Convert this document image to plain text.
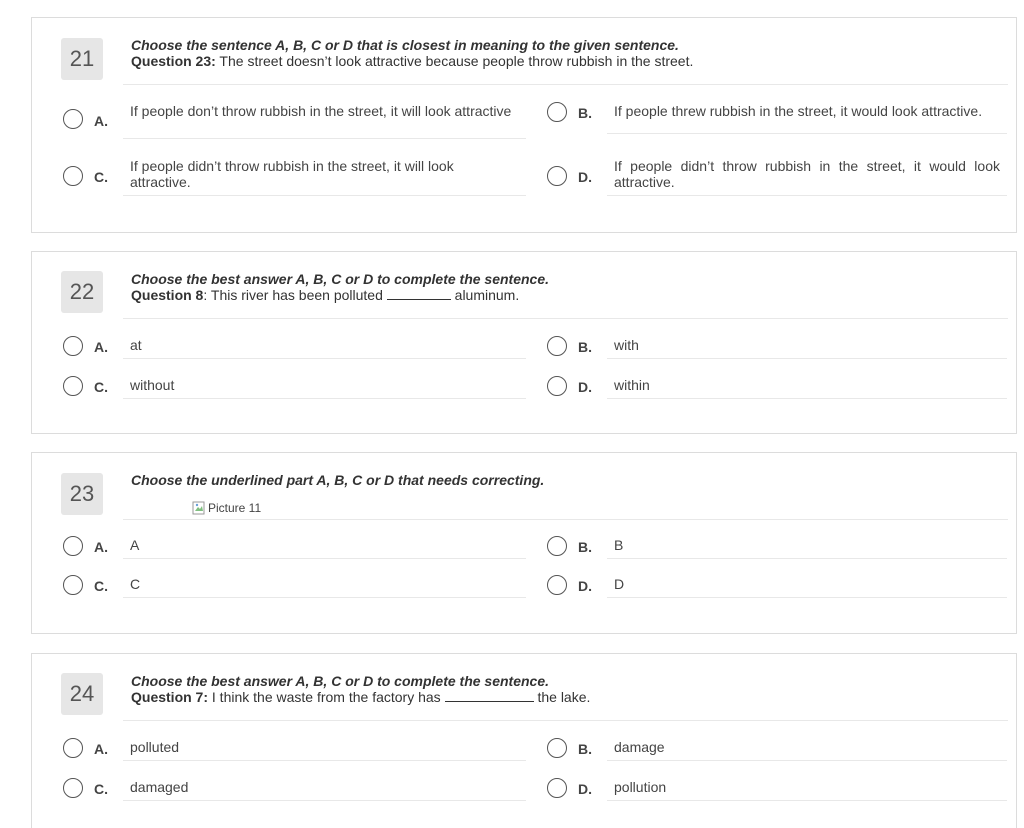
21
Choose the sentence A, B, C or D that is closest in meaning to the given sentence.
Question 23: The street doesn’t look attractive because people throw rubbish in the street.
A.
If people don’t throw rubbish in the street, it will look attractive	B. If people threw rubbish in the street, it would look attractive.
C.
If people didn’t throw rubbish in the street, it will look attractive.	D.
If people didn’t throw rubbish in the street, it would look attractive.
22	Choose the best answer A, B, C or D to complete the sentence.
Question 8: This river has been polluted	aluminum.
A. at	B. with
C. without	D. within
23
Choose the underlined part A, B, C or D that needs correcting.
Picture 11
A. A	B. B
C. C	D. D
24	Choose the best answer A, B, C or D to complete the sentence.
Question 7: I think the waste from the factory has	the lake.
A. polluted	B. damage
C. damaged	D. pollution
